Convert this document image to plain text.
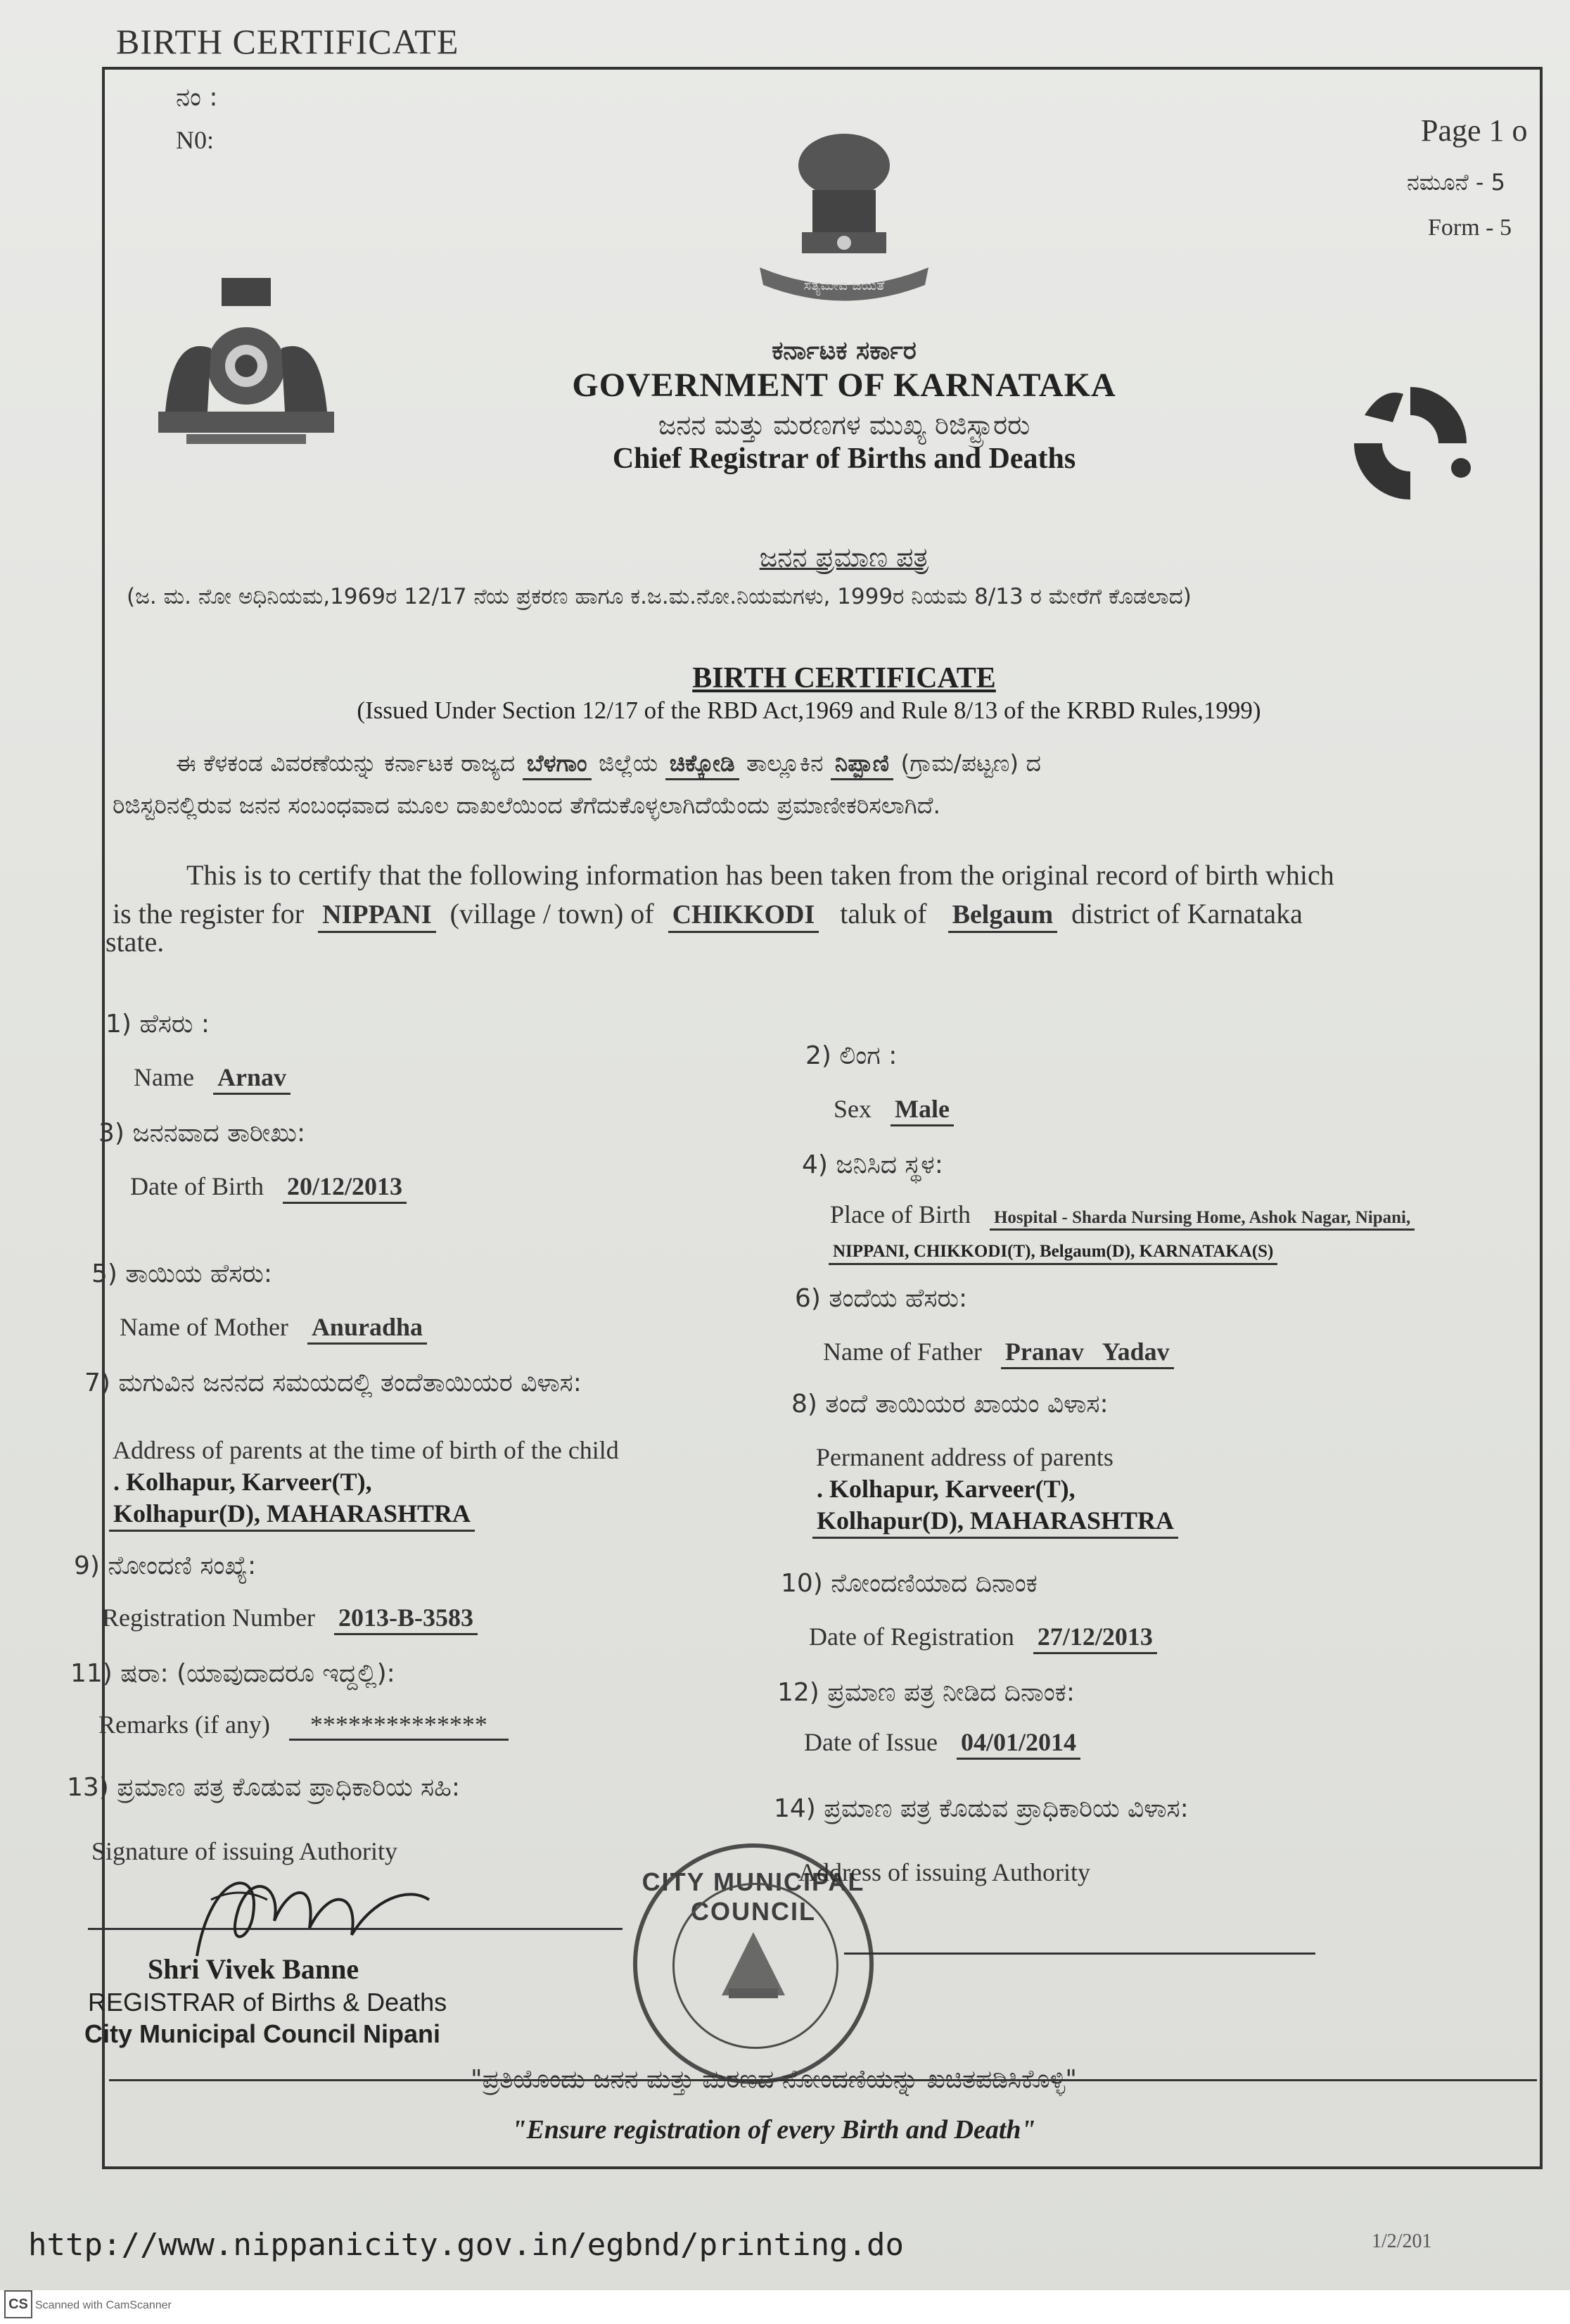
BIRTH CERTIFICATE
ನಂ :
N0:	Page 1 o
ನಮೂನೆ - 5
Form - 5
ಸತ್ಯಮೇವ ಜಯತೆ
ಕರ್ನಾಟಕ ಸರ್ಕಾರ
GOVERNMENT OF KARNATAKA
ಜನನ ಮತ್ತು ಮರಣಗಳ ಮುಖ್ಯ ರಿಜಿಸ್ಟ್ರಾರರು
Chief Registrar of Births and Deaths
ಜನನ ಪ್ರಮಾಣ ಪತ್ರ
(ಜ. ಮ. ನೋ ಅಧಿನಿಯಮ,1969ರ 12/17 ನೆಯ ಪ್ರಕರಣ ಹಾಗೂ ಕ.ಜ.ಮ.ನೋ.ನಿಯಮಗಳು, 1999ರ ನಿಯಮ 8/13 ರ ಮೇರೆಗೆ ಕೊಡಲಾದ)
BIRTH CERTIFICATE
(Issued Under Section 12/17 of the RBD Act,1969 and Rule 8/13 of the KRBD Rules,1999)
ಈ ಕೆಳಕಂಡ ವಿವರಣೆಯನ್ನು ಕರ್ನಾಟಕ ರಾಜ್ಯದ ಬೆಳಗಾಂ ಜಿಲ್ಲೆಯ ಚಿಕ್ಕೋಡಿ ತಾಲ್ಲೂಕಿನ ನಿಪ್ಪಾಣಿ (ಗ್ರಾಮ/ಪಟ್ಟಣ) ದ
ರಿಜಿಸ್ಟರಿನಲ್ಲಿರುವ ಜನನ ಸಂಬಂಧವಾದ ಮೂಲ ದಾಖಲೆಯಿಂದ ತೆಗೆದುಕೊಳ್ಳಲಾಗಿದೆಯೆಂದು ಪ್ರಮಾಣೀಕರಿಸಲಾಗಿದೆ.
This is to certify that the following information has been taken from the original record of birth which
is the register for NIPPANI (village / town) of CHIKKODI taluk of Belgaum district of Karnataka
state.
1) ಹೆಸರು :
Name Arnav
3) ಜನನವಾದ ತಾರೀಖು:
Date of Birth 20/12/2013
5) ತಾಯಿಯ ಹೆಸರು:
Name of Mother Anuradha
7) ಮಗುವಿನ ಜನನದ ಸಮಯದಲ್ಲಿ ತಂದೆತಾಯಿಯರ ವಿಳಾಸ:
Address of parents at the time of birth of the child
. Kolhapur, Karveer(T),
Kolhapur(D), MAHARASHTRA
9) ನೋಂದಣಿ ಸಂಖ್ಯೆ:
Registration Number 2013-B-3583
11) ಷರಾ: (ಯಾವುದಾದರೂ ಇದ್ದಲ್ಲಿ):
Remarks (if any) **************
13) ಪ್ರಮಾಣ ಪತ್ರ ಕೊಡುವ ಪ್ರಾಧಿಕಾರಿಯ ಸಹಿ:
Signature of issuing Authority
2) ಲಿಂಗ :
Sex Male
4) ಜನಿಸಿದ ಸ್ಥಳ:
Place of Birth Hospital - Sharda Nursing Home, Ashok Nagar, Nipani,
NIPPANI, CHIKKODI(T), Belgaum(D), KARNATAKA(S)
6) ತಂದೆಯ ಹೆಸರು:
Name of Father Pranav   Yadav
8) ತಂದೆ ತಾಯಿಯರ ಖಾಯಂ ವಿಳಾಸ:
Permanent address of parents
. Kolhapur, Karveer(T),
Kolhapur(D), MAHARASHTRA
10) ನೋಂದಣಿಯಾದ ದಿನಾಂಕ
Date of Registration 27/12/2013
12) ಪ್ರಮಾಣ ಪತ್ರ ನೀಡಿದ ದಿನಾಂಕ:
Date of Issue 04/01/2014
14) ಪ್ರಮಾಣ ಪತ್ರ ಕೊಡುವ ಪ್ರಾಧಿಕಾರಿಯ ವಿಳಾಸ:
Address of issuing Authority
Shri Vivek Banne
REGISTRAR of Births & Deaths
City Municipal Council Nipani
CITY MUNICIPAL COUNCIL
"ಪ್ರತಿಯೊಂದು ಜನನ ಮತ್ತು ಮರಣದ ನೋಂದಣಿಯನ್ನು ಖಚಿತಪಡಿಸಿಕೊಳ್ಳಿ"
"Ensure registration of every Birth and Death"
http://www.nippanicity.gov.in/egbnd/printing.do	1/2/201
CS Scanned with CamScanner
